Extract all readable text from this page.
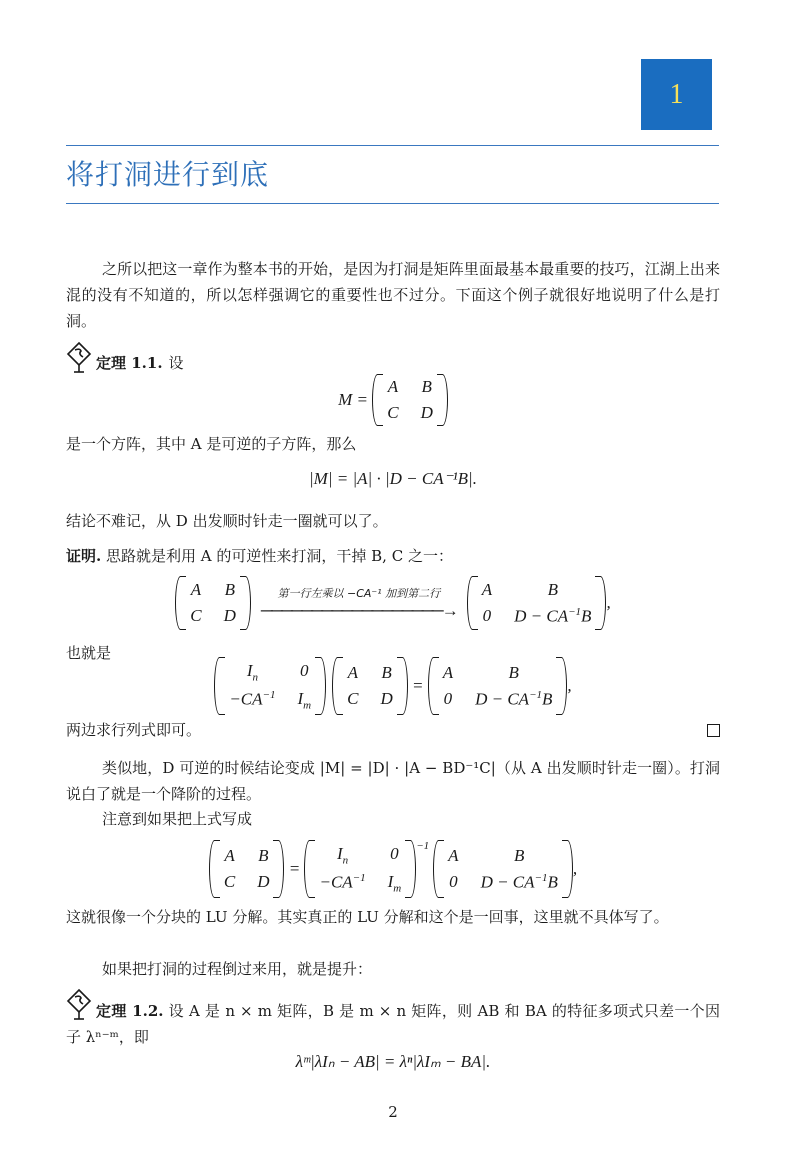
1
将打洞进行到底
之所以把这一章作为整本书的开始，是因为打洞是矩阵里面最基本最重要的技巧，江湖上出来混的没有不知道的，所以怎样强调它的重要性也不过分。下面这个例子就很好地说明了什么是打洞。
定理 1.1. 设
M =
A B
C D
是一个方阵，其中 A 是可逆的子方阵，那么
|M| = |A| · |D − CA⁻¹B|.
结论不难记，从 D 出发顺时针走一圈就可以了。
证明. 思路就是利用 A 的可逆性来打洞，干掉 B, C 之一：
A B
C D
第一行左乘以 −CA⁻¹ 加到第二行
──────────────────→
A	B
0 $D - CA^{-1}B$
,
也就是
$I_n$	0
$-CA^{-1}$ $I_m$
A B
C D
=
A	B
0 $D - CA^{-1}B$
,
两边求行列式即可。
类似地，D 可逆的时候结论变成 |M| = |D| · |A − BD⁻¹C|（从 A 出发顺时针走一圈）。打洞说白了就是一个降阶的过程。
注意到如果把上式写成
A B
C D
=
$I_n$	0
$-CA^{-1}$ $I_m$
$^{-1}$ A	B
0 $D - CA^{-1}B$
,
这就很像一个分块的 LU 分解。其实真正的 LU 分解和这个是一回事，这里就不具体写了。
如果把打洞的过程倒过来用，就是提升：
定理 1.2. 设 A 是 n × m 矩阵，B 是 m × n 矩阵，则 AB 和 BA 的特征多项式只差一个因子 λⁿ⁻ᵐ，即
λᵐ|λIₙ − AB| = λⁿ|λIₘ − BA|.
2
